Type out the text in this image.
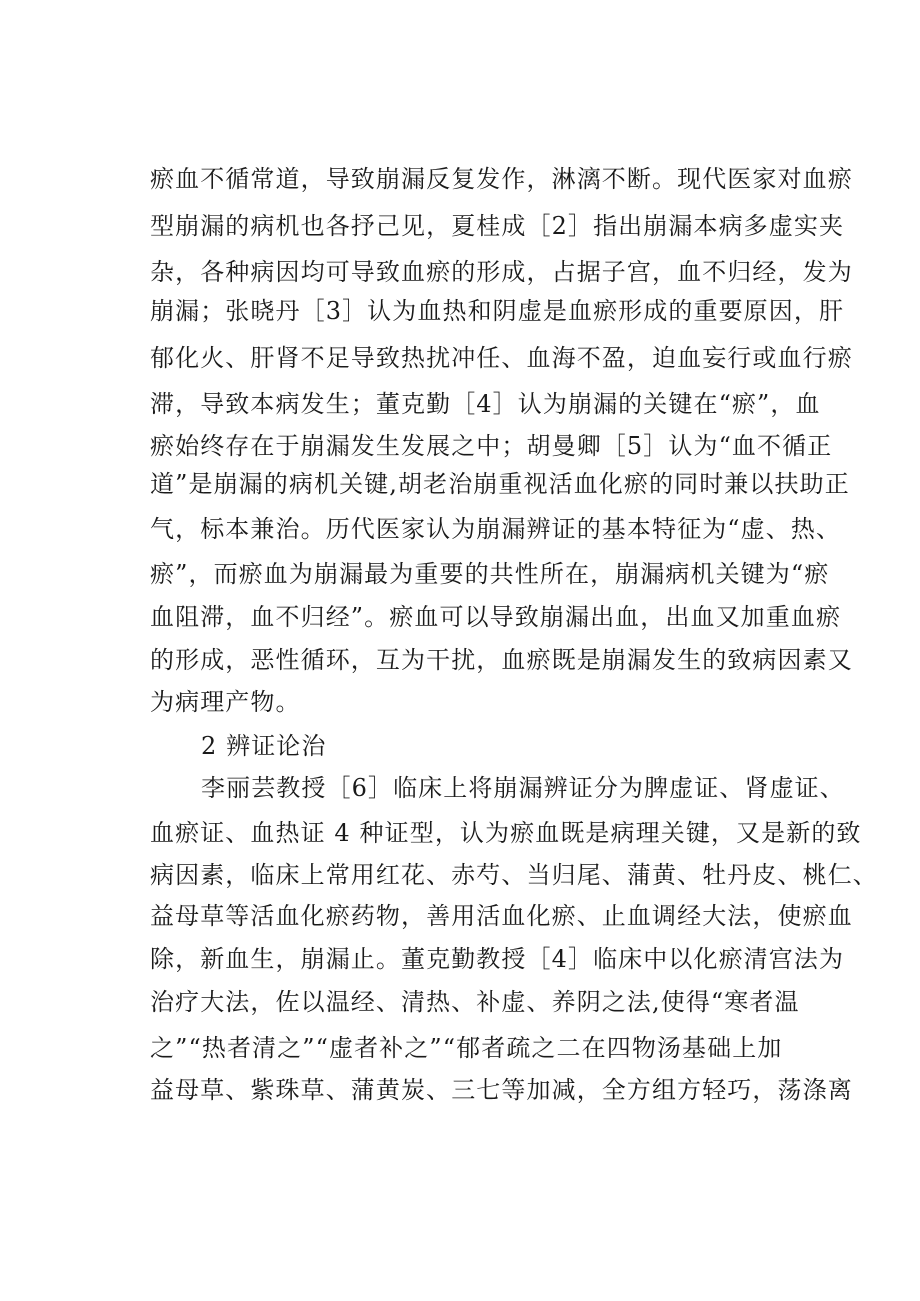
瘀血不循常道，导致崩漏反复发作，淋漓不断。现代医家对血瘀
型崩漏的病机也各抒己见，夏桂成［2］指出崩漏本病多虚实夹
杂，各种病因均可导致血瘀的形成，占据子宫，血不归经，发为
崩漏；张晓丹［3］认为血热和阴虚是血瘀形成的重要原因，肝
郁化火、肝肾不足导致热扰冲任、血海不盈，迫血妄行或血行瘀
滞，导致本病发生；董克勤［4］认为崩漏的关键在“瘀”，血
瘀始终存在于崩漏发生发展之中；胡曼卿［5］认为“血不循正
道”是崩漏的病机关键,胡老治崩重视活血化瘀的同时兼以扶助正
气，标本兼治。历代医家认为崩漏辨证的基本特征为“虚、热、
瘀”，而瘀血为崩漏最为重要的共性所在，崩漏病机关键为“瘀
血阻滞，血不归经”。瘀血可以导致崩漏出血，出血又加重血瘀
的形成，恶性循环，互为干扰，血瘀既是崩漏发生的致病因素又
为病理产物。
2 辨证论治
李丽芸教授［6］临床上将崩漏辨证分为脾虚证、肾虚证、
血瘀证、血热证 4 种证型，认为瘀血既是病理关键，又是新的致
病因素，临床上常用红花、赤芍、当归尾、蒲黄、牡丹皮、桃仁、
益母草等活血化瘀药物，善用活血化瘀、止血调经大法，使瘀血
除，新血生，崩漏止。董克勤教授［4］临床中以化瘀清宫法为
治疗大法，佐以温经、清热、补虚、养阴之法,使得“寒者温
之”“热者清之”“虚者补之”“郁者疏之二在四物汤基础上加
益母草、紫珠草、蒲黄炭、三七等加减，全方组方轻巧，荡涤离
